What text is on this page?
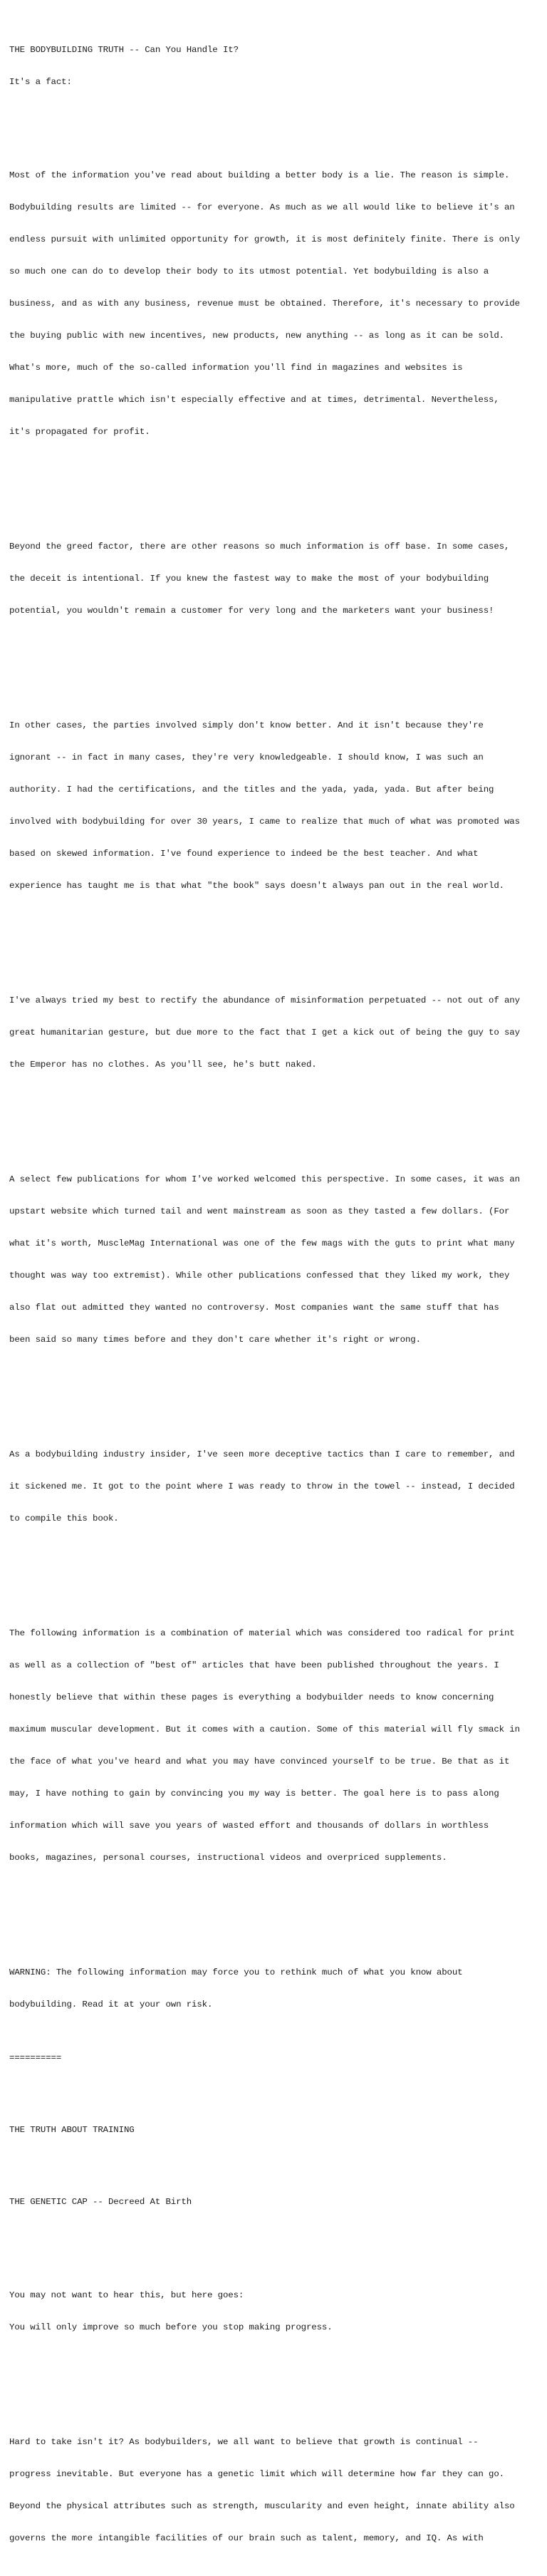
THE BODYBUILDING TRUTH -- Can You Handle It?

It's a fact:

Most of the information you've read about building a better body is a lie. The reason is simple.

Bodybuilding results are limited -- for everyone. As much as we all would like to believe it's an

endless pursuit with unlimited opportunity for growth, it is most definitely finite. There is only

so much one can do to develop their body to its utmost potential. Yet bodybuilding is also a

business, and as with any business, revenue must be obtained. Therefore, it's necessary to provide

the buying public with new incentives, new products, new anything -- as long as it can be sold.

What's more, much of the so-called information you'll find in magazines and websites is

manipulative prattle which isn't especially effective and at times, detrimental. Nevertheless,

it's propagated for profit.

Beyond the greed factor, there are other reasons so much information is off base. In some cases,

the deceit is intentional. If you knew the fastest way to make the most of your bodybuilding

potential, you wouldn't remain a customer for very long and the marketers want your business!

In other cases, the parties involved simply don't know better. And it isn't because they're

ignorant -- in fact in many cases, they're very knowledgeable. I should know, I was such an

authority. I had the certifications, and the titles and the yada, yada, yada. But after being

involved with bodybuilding for over 30 years, I came to realize that much of what was promoted was

based on skewed information. I've found experience to indeed be the best teacher. And what

experience has taught me is that what "the book" says doesn't always pan out in the real world.

I've always tried my best to rectify the abundance of misinformation perpetuated -- not out of any

great humanitarian gesture, but due more to the fact that I get a kick out of being the guy to say

the Emperor has no clothes. As you'll see, he's butt naked.

A select few publications for whom I've worked welcomed this perspective. In some cases, it was an

upstart website which turned tail and went mainstream as soon as they tasted a few dollars. (For

what it's worth, MuscleMag International was one of the few mags with the guts to print what many

thought was way too extremist). While other publications confessed that they liked my work, they

also flat out admitted they wanted no controversy. Most companies want the same stuff that has

been said so many times before and they don't care whether it's right or wrong.

As a bodybuilding industry insider, I've seen more deceptive tactics than I care to remember, and

it sickened me. It got to the point where I was ready to throw in the towel -- instead, I decided

to compile this book.

The following information is a combination of material which was considered too radical for print

as well as a collection of "best of" articles that have been published throughout the years. I

honestly believe that within these pages is everything a bodybuilder needs to know concerning

maximum muscular development. But it comes with a caution. Some of this material will fly smack in

the face of what you've heard and what you may have convinced yourself to be true. Be that as it

may, I have nothing to gain by convincing you my way is better. The goal here is to pass along

information which will save you years of wasted effort and thousands of dollars in worthless

books, magazines, personal courses, instructional videos and overpriced supplements.

WARNING: The following information may force you to rethink much of what you know about

bodybuilding. Read it at your own risk.

==========

THE TRUTH ABOUT TRAINING

THE GENETIC CAP -- Decreed At Birth

You may not want to hear this, but here goes:

You will only improve so much before you stop making progress.

Hard to take isn't it? As bodybuilders, we all want to believe that growth is continual --

progress inevitable. But everyone has a genetic limit which will determine how far they can go.

Beyond the physical attributes such as strength, muscularity and even height, innate ability also

governs the more intangible facilities of our brain such as talent, memory, and IQ. As with
